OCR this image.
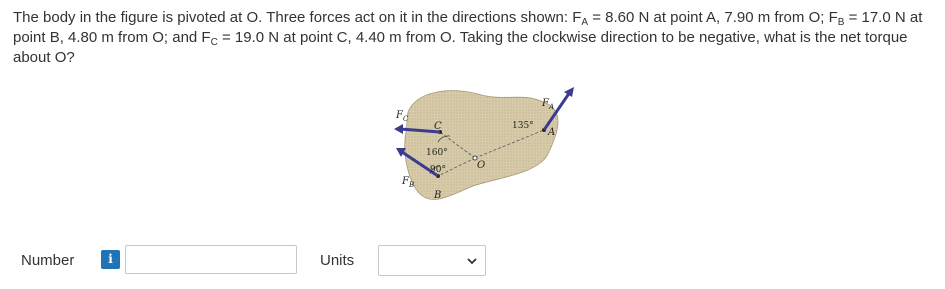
The body in the figure is pivoted at O. Three forces act on it in the directions shown: $F_A = 8.60$ N at point A, 7.90 m from O; $F_B = 17.0$ N at point B, 4.80 m from O; and $F_C = 19.0$ N at point C, 4.40 m from O. Taking the clockwise direction to be negative, what is the net torque about O?
F C
C
F B
B
O
F A
A
160°
90°
135°
Number	i	Units
